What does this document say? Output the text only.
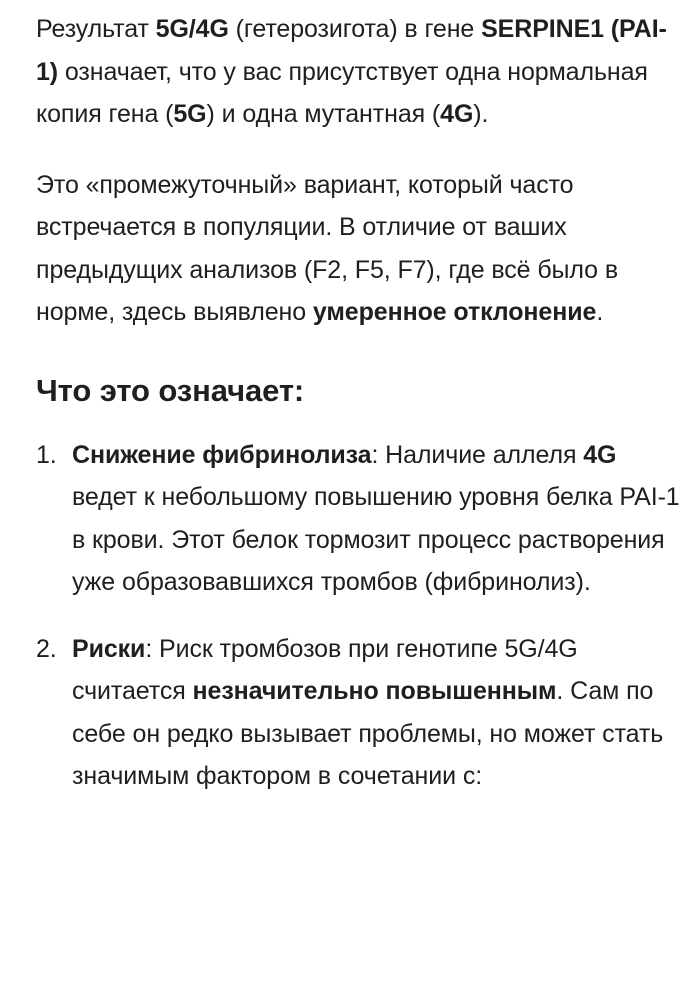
Результат 5G/4G (гетерозигота) в гене SERPINE1 (PAI-1) означает, что у вас присутствует одна нормальная копия гена (5G) и одна мутантная (4G).

Это «промежуточный» вариант, который часто встречается в популяции. В отличие от ваших предыдущих анализов (F2, F5, F7), где всё было в норме, здесь выявлено умеренное отклонение.

Что это означает:
1. Снижение фибринолиза: Наличие аллеля 4G ведет к небольшому повышению уровня белка PAI-1 в крови. Этот белок тормозит процесс растворения уже образовавшихся тромбов (фибринолиз).
2. Риски: Риск тромбозов при генотипе 5G/4G считается незначительно повышенным. Сам по себе он редко вызывает проблемы, но может стать значимым фактором в сочетании с:
